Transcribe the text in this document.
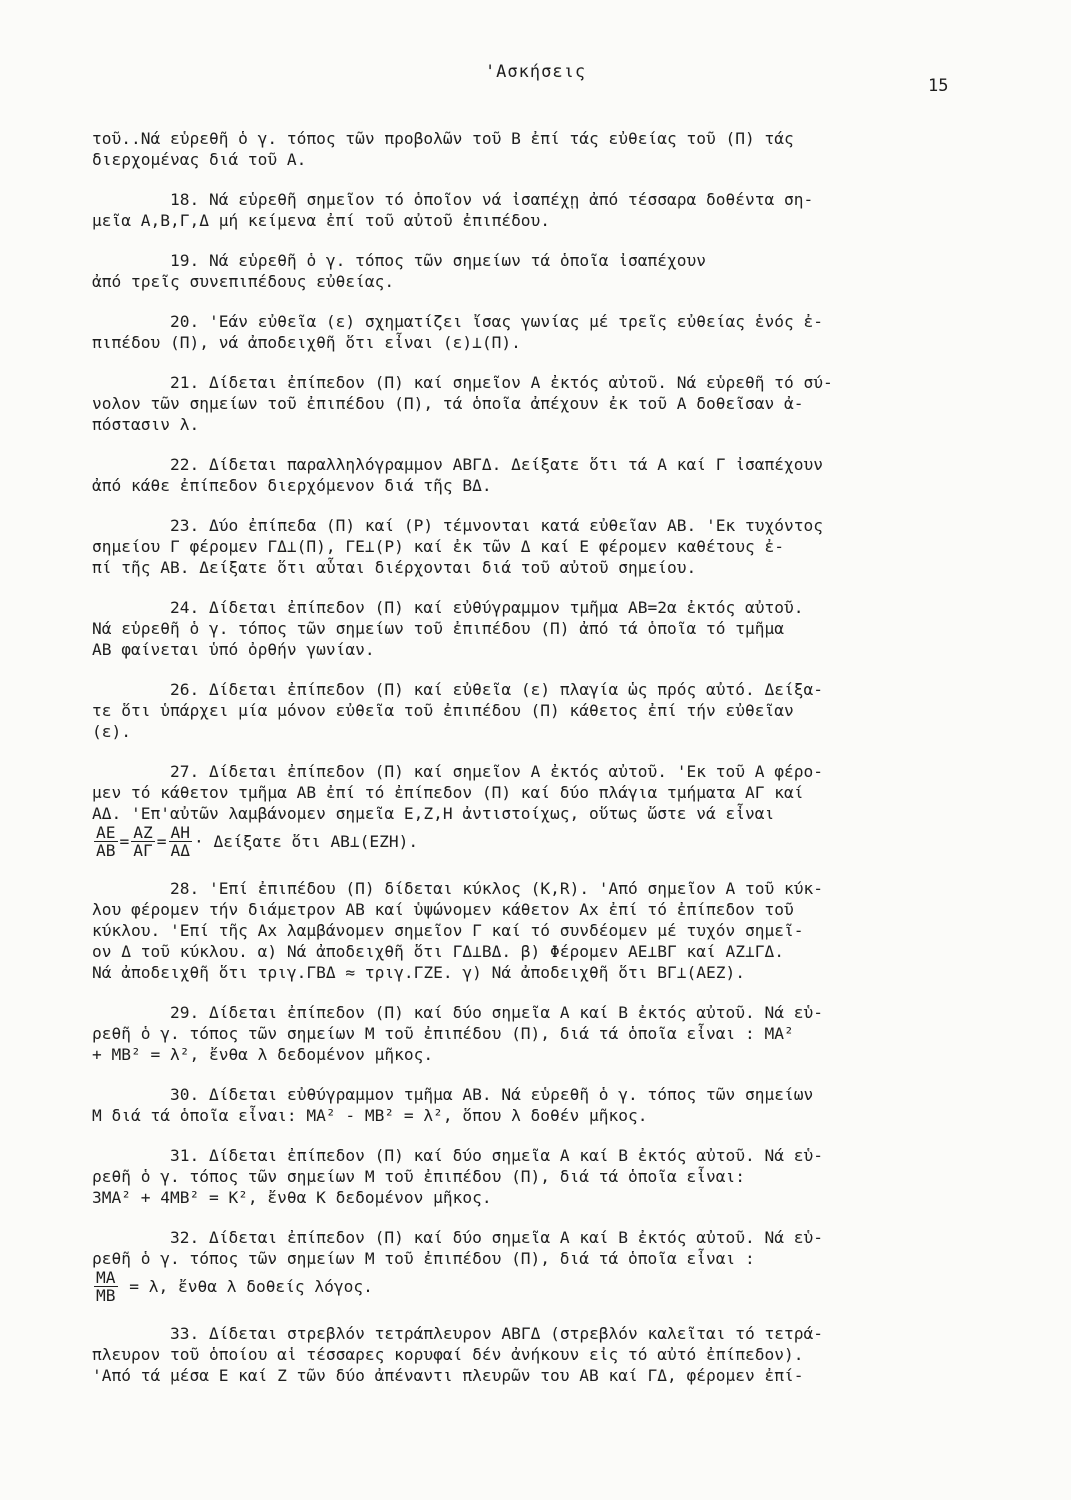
'Ασκήσεις
15

τοῦ..Νά εὑρεθῆ ὁ γ. τόπος τῶν προβολῶν τοῦ Β ἐπί τάς εὐθείας τοῦ (Π) τάς
διερχομένας διά τοῦ Α.

18. Νά εὑρεθῆ σημεῖον τό ὁποῖον νά ἰσαπέχῃ ἀπό τέσσαρα δοθέντα ση-
μεῖα Α,Β,Γ,Δ μή κείμενα ἐπί τοῦ αὐτοῦ ἐπιπέδου.

19. Νά εὑρεθῆ ὁ γ. τόπος τῶν σημείων τά ὁποῖα ἰσαπέχουν
ἀπό τρεῖς συνεπιπέδους εὐθείας.

20. 'Εάν εὐθεῖα (ε) σχηματίζει ἴσας γωνίας μέ τρεῖς εὐθείας ἑνός ἐ-
πιπέδου (Π), νά ἀποδειχθῆ ὅτι εἶναι (ε)⊥(Π).

21. Δίδεται ἐπίπεδον (Π) καί σημεῖον Α ἐκτός αὐτοῦ. Νά εὑρεθῆ τό σύ-
νολον τῶν σημείων τοῦ ἐπιπέδου (Π), τά ὁποῖα ἀπέχουν ἐκ τοῦ Α δοθεῖσαν ἀ-
πόστασιν λ.

22. Δίδεται παραλληλόγραμμον ΑΒΓΔ. Δείξατε ὅτι τά Α καί Γ ἰσαπέχουν
ἀπό κάθε ἐπίπεδον διερχόμενον διά τῆς ΒΔ.

23. Δύο ἐπίπεδα (Π) καί (Ρ) τέμνονται κατά εὐθεῖαν ΑΒ. 'Εκ τυχόντος
σημείου Γ φέρομεν ΓΔ⊥(Π), ΓΕ⊥(Ρ) καί ἐκ τῶν Δ καί Ε φέρομεν καθέτους ἐ-
πί τῆς ΑΒ. Δείξατε ὅτι αὗται διέρχονται διά τοῦ αὐτοῦ σημείου.

24. Δίδεται ἐπίπεδον (Π) καί εὐθύγραμμον τμῆμα ΑΒ=2α ἐκτός αὐτοῦ.
Νά εὑρεθῆ ὁ γ. τόπος τῶν σημείων τοῦ ἐπιπέδου (Π) ἀπό τά ὁποῖα τό τμῆμα
ΑΒ φαίνεται ὑπό ὀρθήν γωνίαν.

26. Δίδεται ἐπίπεδον (Π) καί εὐθεῖα (ε) πλαγία ὡς πρός αὐτό. Δείξα-
τε ὅτι ὑπάρχει μία μόνον εὐθεῖα τοῦ ἐπιπέδου (Π) κάθετος ἐπί τήν εὐθεῖαν
(ε).

27. Δίδεται ἐπίπεδον (Π) καί σημεῖον Α ἐκτός αὐτοῦ. 'Εκ τοῦ Α φέρο-
μεν τό κάθετον τμῆμα ΑΒ ἐπί τό ἐπίπεδον (Π) καί δύο πλάγια τμήματα ΑΓ καί
ΑΔ. 'Επ'αὐτῶν λαμβάνομεν σημεῖα Ε,Ζ,Η ἀντιστοίχως, οὕτως ὥστε νά εἶναι
$\frac{AE}{AB} = \frac{AZ}{A\Gamma} = \frac{AH}{A\Delta} \cdot \Delta\varepsilon ί\xi\alpha\tau\varepsilon$ ὅτι ΑΒ⊥(ΕΖΗ).

28. 'Επί ἐπιπέδου (Π) δίδεται κύκλος (Κ,R). 'Από σημεῖον Α τοῦ κύκ-
λου φέρομεν τήν διάμετρον ΑΒ καί ὑψώνομεν κάθετον Αx ἐπί τό ἐπίπεδον τοῦ
κύκλου. 'Επί τῆς Αx λαμβάνομεν σημεῖον Γ καί τό συνδέομεν μέ τυχόν σημεῖ-
ον Δ τοῦ κύκλου. α) Νά ἀποδειχθῆ ὅτι ΓΔ⊥ΒΔ. β) Φέρομεν ΑΕ⊥ΒΓ καί ΑΖ⊥ΓΔ.
Νά ἀποδειχθῆ ὅτι τριγ.ΓΒΔ ≈ τριγ.ΓΖΕ. γ) Νά ἀποδειχθῆ ὅτι ΒΓ⊥(ΑΕΖ).

29. Δίδεται ἐπίπεδον (Π) καί δύο σημεῖα Α καί Β ἐκτός αὐτοῦ. Νά εὑ-
ρεθῆ ὁ γ. τόπος τῶν σημείων Μ τοῦ ἐπιπέδου (Π), διά τά ὁποῖα εἶναι : ΜΑ²
+ ΜΒ² = λ², ἔνθα λ δεδομένον μῆκος.

30. Δίδεται εὐθύγραμμον τμῆμα ΑΒ. Νά εὑρεθῆ ὁ γ. τόπος τῶν σημείων
Μ διά τά ὁποῖα εἶναι: ΜΑ² - ΜΒ² = λ², ὅπου λ δοθέν μῆκος.

31. Δίδεται ἐπίπεδον (Π) καί δύο σημεῖα Α καί Β ἐκτός αὐτοῦ. Νά εὑ-
ρεθῆ ὁ γ. τόπος τῶν σημείων Μ τοῦ ἐπιπέδου (Π), διά τά ὁποῖα εἶναι:
3ΜΑ² + 4ΜΒ² = Κ², ἔνθα Κ δεδομένον μῆκος.

32. Δίδεται ἐπίπεδον (Π) καί δύο σημεῖα Α καί Β ἐκτός αὐτοῦ. Νά εὑ-
ρεθῆ ὁ γ. τόπος τῶν σημείων Μ τοῦ ἐπιπέδου (Π), διά τά ὁποῖα εἶναι :
$\frac{MA}{MB} = \lambda$, ἔνθα λ δοθείς λόγος.

33. Δίδεται στρεβλόν τετράπλευρον ΑΒΓΔ (στρεβλόν καλεῖται τό τετρά-
πλευρον τοῦ ὁποίου αἱ τέσσαρες κορυφαί δέν ἀνήκουν εἰς τό αὐτό ἐπίπεδον).
'Από τά μέσα Ε καί Ζ τῶν δύο ἀπέναντι πλευρῶν του ΑΒ καί ΓΔ, φέρομεν ἐπί-
